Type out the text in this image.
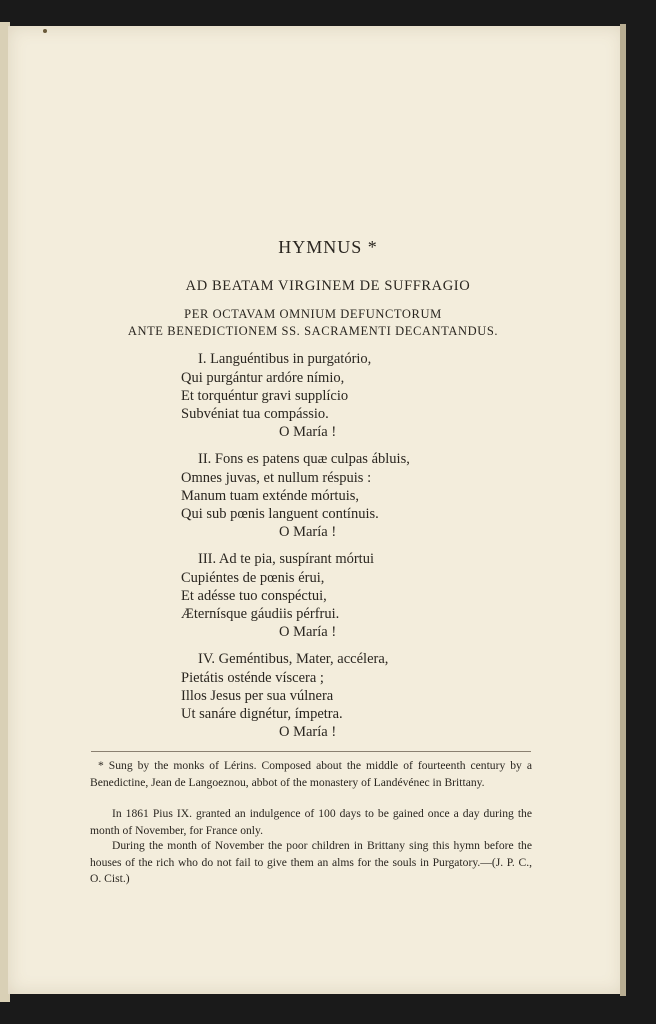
HYMNUS *
AD BEATAM VIRGINEM DE SUFFRAGIO
PER OCTAVAM OMNIUM DEFUNCTORUM
ANTE BENEDICTIONEM SS. SACRAMENTI DECANTANDUS.
I. Languéntibus in purgatório,
Qui purgántur ardóre nímio,
Et torquéntur gravi supplício
Subvéniat tua compássio.
O María !
II. Fons es patens quæ culpas ábluis,
Omnes juvas, et nullum réspuis :
Manum tuam exténde mórtuis,
Qui sub pœnis languent contínuis.
O María !
III. Ad te pia, suspírant mórtui
Cupiéntes de pœnis érui,
Et adésse tuo conspéctui,
Æternísque gáudiis pérfrui.
O María !
IV. Geméntibus, Mater, accélera,
Pietátis osténde víscera ;
Illos Jesus per sua vúlnera
Ut sanáre dignétur, ímpetra.
O María !
* Sung by the monks of Lérins. Composed about the middle of fourteenth century by a Benedictine, Jean de Langoeznou, abbot of the monastery of Landévénec in Brittany.
In 1861 Pius IX. granted an indulgence of 100 days to be gained once a day during the month of November, for France only.
During the month of November the poor children in Brittany sing this hymn before the houses of the rich who do not fail to give them an alms for the souls in Purgatory.—(J. P. C., O. Cist.)
